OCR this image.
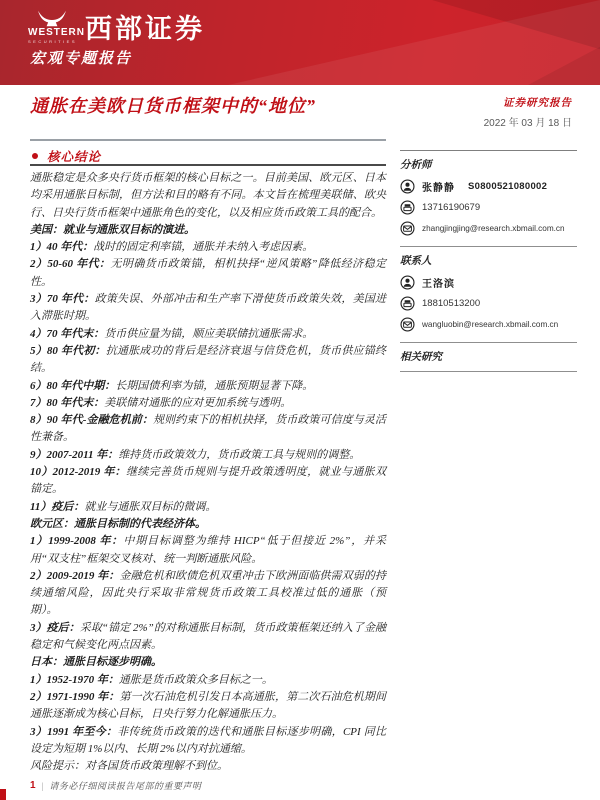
WESTERN
SECURITIES 西部证券
宏观专题报告
通胀在美欧日货币框架中的“地位”	证券研究报告
2022 年 03 月 18 日
核心结论
通胀稳定是众多央行货币框架的核心目标之一。目前美国、欧元区、日本均采用通胀目标制，但方法和目的略有不同。本文旨在梳理美联储、欧央行、日央行货币框架中通胀角色的变化，以及相应货币政策工具的配合。
美国：就业与通胀双目标的演进。
1）40 年代：战时的固定利率锚，通胀并未纳入考虑因素。
2）50-60 年代：无明确货币政策锚，相机抉择“逆风策略”降低经济稳定性。
3）70 年代：政策失误、外部冲击和生产率下滑使货币政策失效，美国进入滞胀时期。
4）70 年代末：货币供应量为锚，顺应美联储抗通胀需求。
5）80 年代初：抗通胀成功的背后是经济衰退与信贷危机，货币供应锚终结。
6）80 年代中期：长期国债利率为锚，通胀预期显著下降。
7）80 年代末：美联储对通胀的应对更加系统与透明。
8）90 年代-金融危机前：规则约束下的相机抉择，货币政策可信度与灵活性兼备。
9）2007-2011 年：维持货币政策效力，货币政策工具与规则的调整。
10）2012-2019 年：继续完善货币规则与提升政策透明度，就业与通胀双锚定。
11）疫后：就业与通胀双目标的微调。
欧元区：通胀目标制的代表经济体。
1）1999-2008 年：中期目标调整为维持 HICP“低于但接近 2%”，并采用“双支柱”框架交叉核对、统一判断通胀风险。
2）2009-2019 年：金融危机和欧债危机双重冲击下欧洲面临供需双弱的持续通缩风险，因此央行采取非常规货币政策工具校准过低的通胀（预期）。
3）疫后：采取“锚定 2%”的对称通胀目标制，货币政策框架还纳入了金融稳定和气候变化两点因素。
日本：通胀目标逐步明确。
1）1952-1970 年：通胀是货币政策众多目标之一。
2）1971-1990 年：第一次石油危机引发日本高通胀，第二次石油危机期间通胀逐渐成为核心目标，日央行努力化解通胀压力。
3）1991 年至今：非传统货币政策的迭代和通胀目标逐步明确，CPI 同比设定为短期 1%以内、长期 2%以内对抗通缩。
风险提示：对各国货币政策理解不到位。
分析师
张静静 S0800521080002
13716190679
zhangjingjing@research.xbmail.com.cn
联系人
王洛滨
18810513200
wangluobin@research.xbmail.com.cn
相关研究
1 | 请务必仔细阅读报告尾部的重要声明
